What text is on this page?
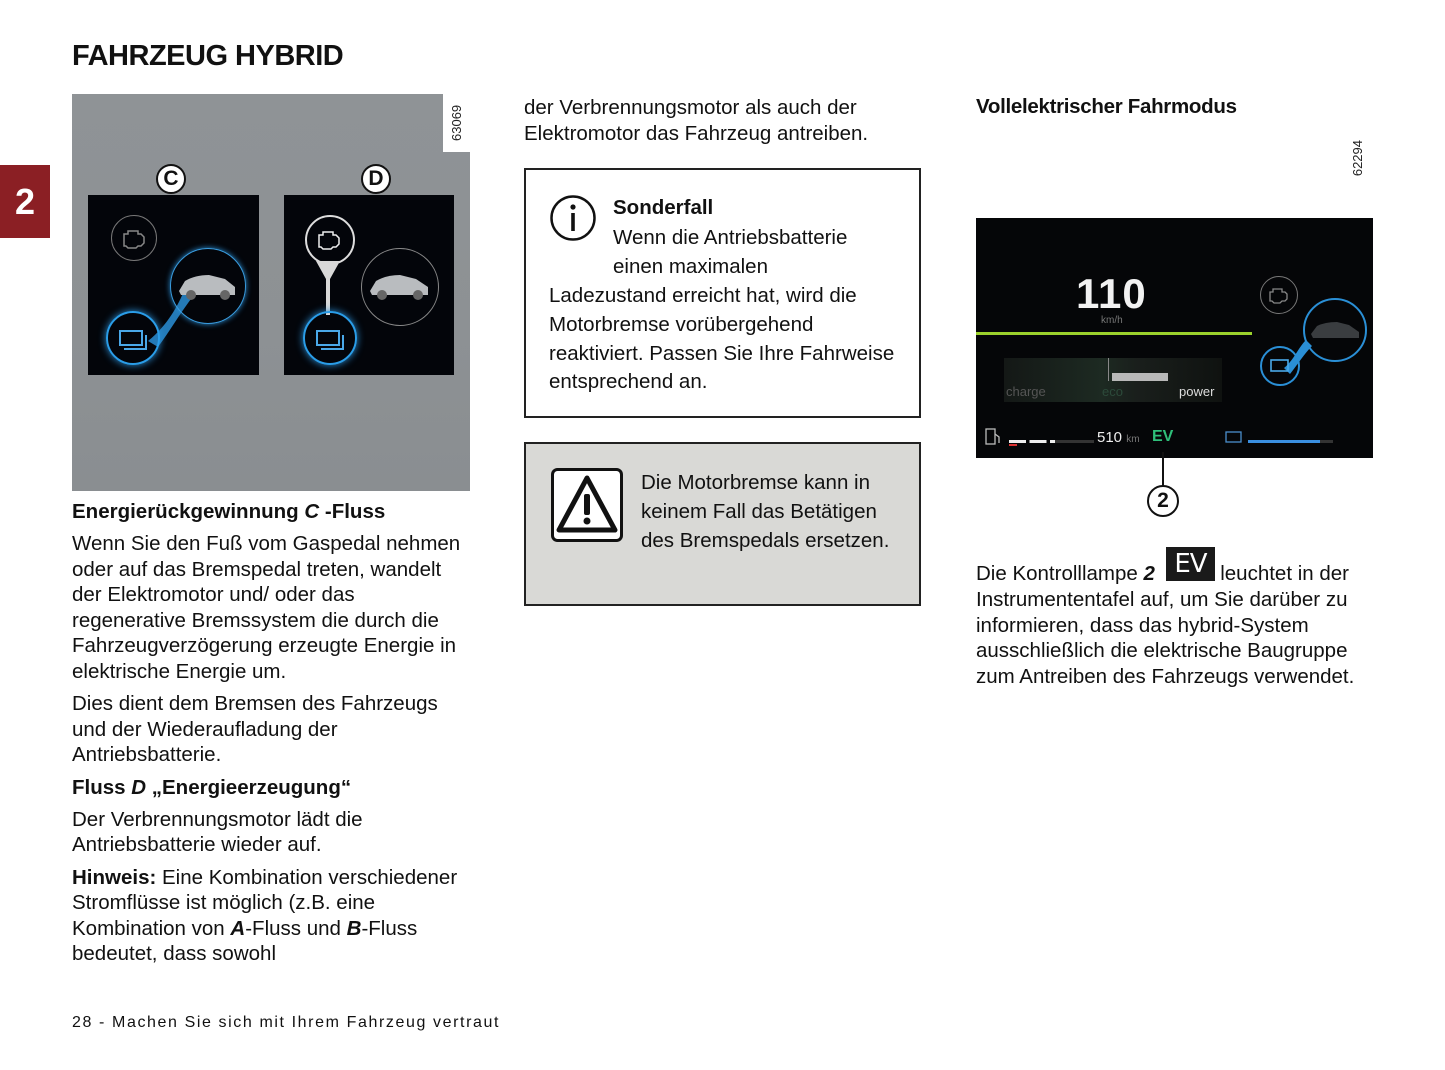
FAHRZEUG HYBRID
2
63069
C	D
Energierückgewinnung C -Fluss

Wenn Sie den Fuß vom Gaspedal nehmen oder auf das Bremspedal treten, wandelt der Elektromotor und/ oder das regenerative Bremssystem die durch die Fahrzeugverzögerung erzeugte Energie in elektrische Energie um.

Dies dient dem Bremsen des Fahrzeugs und der Wiederaufladung der Antriebsbatterie.

Fluss D „Energieerzeugung“

Der Verbrennungsmotor lädt die Antriebsbatterie wieder auf.

Hinweis: Eine Kombination verschiedener Stromflüsse ist möglich (z.B. eine Kombination von A-Fluss und B-Fluss bedeutet, dass sowohl

28 - Machen Sie sich mit Ihrem Fahrzeug vertraut
der Verbrennungsmotor als auch der Elektromotor das Fahrzeug antreiben.
Sonderfall
Wenn die Antriebsbatterie
einen maximalen
Ladezustand erreicht hat, wird die Motorbremse vorübergehend reaktiviert. Passen Sie Ihre Fahrweise entsprechend an.
Die Motorbremse kann in keinem Fall das Betätigen des Bremspedals ersetzen.
Vollelektrischer Fahrmodus
62294
110
km/h
charge	eco	power
510 km EV
2
Die Kontrolllampe 2 EV leuchtet in der Instrumententafel auf, um Sie darüber zu informieren, dass das hybrid-System ausschließlich die elektrische Baugruppe zum Antreiben des Fahrzeugs verwendet.
